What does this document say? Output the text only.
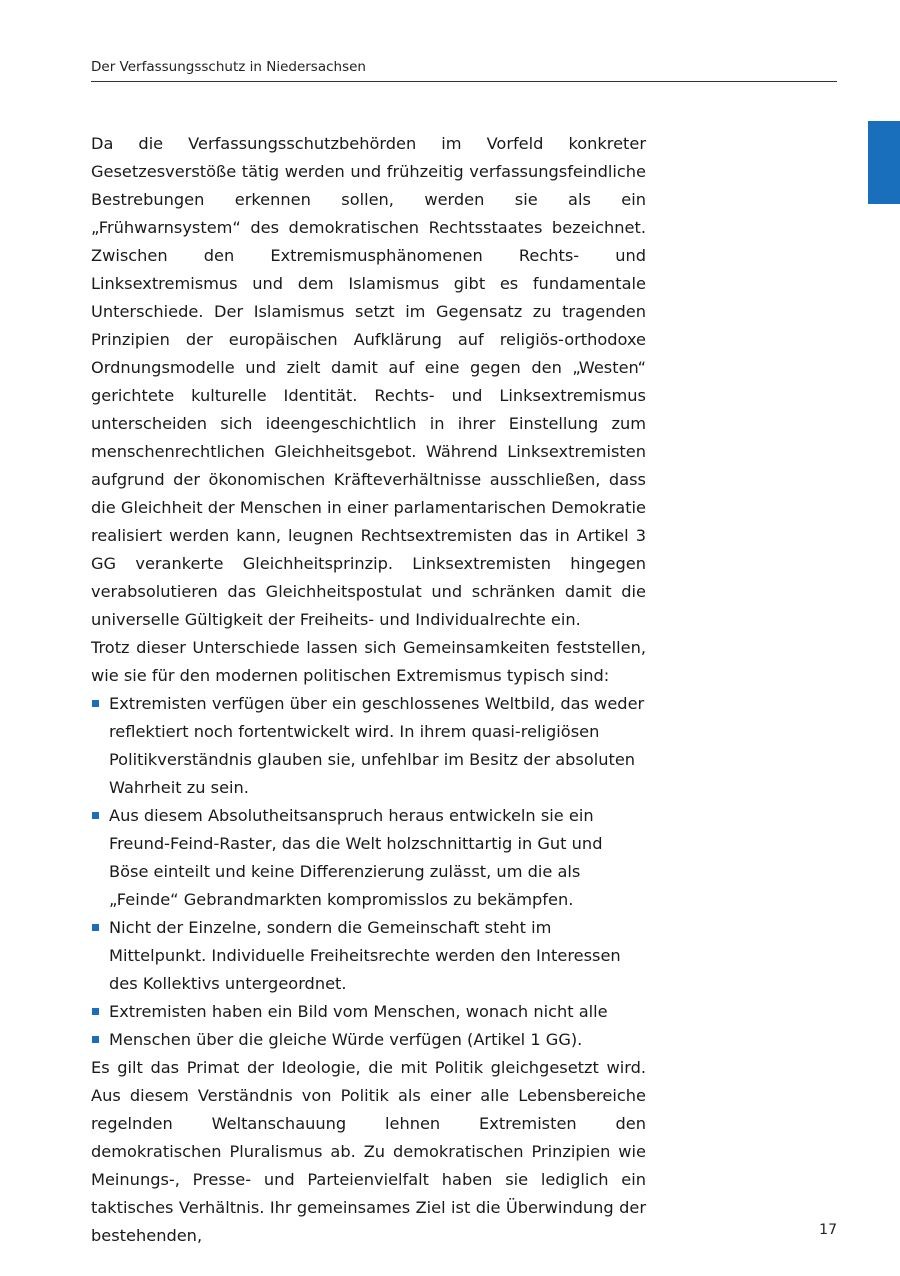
Der Verfassungsschutz in Niedersachsen

Da die Verfassungsschutzbehörden im Vorfeld konkreter Gesetzesverstöße tätig werden und frühzeitig verfassungsfeindliche Bestrebungen erkennen sollen, werden sie als ein „Frühwarnsystem“ des demokratischen Rechtsstaates bezeichnet. Zwischen den Extremismusphänomenen Rechts- und Linksextremismus und dem Islamismus gibt es fundamentale Unterschiede. Der Islamismus setzt im Gegensatz zu tragenden Prinzipien der europäischen Aufklärung auf religiös-orthodoxe Ordnungsmodelle und zielt damit auf eine gegen den „Westen“ gerichtete kulturelle Identität. Rechts- und Linksextremismus unterscheiden sich ideengeschichtlich in ihrer Einstellung zum menschenrechtlichen Gleichheitsgebot. Während Linksextremisten aufgrund der ökonomischen Kräfteverhältnisse ausschließen, dass die Gleichheit der Menschen in einer parlamentarischen Demokratie realisiert werden kann, leugnen Rechtsextremisten das in Artikel 3 GG verankerte Gleichheitsprinzip. Linksextremisten hingegen verabsolutieren das Gleichheitspostulat und schränken damit die universelle Gültigkeit der Freiheits- und Individualrechte ein.

Trotz dieser Unterschiede lassen sich Gemeinsamkeiten feststellen, wie sie für den modernen politischen Extremismus typisch sind:

Extremisten verfügen über ein geschlossenes Weltbild, das weder reflektiert noch fortentwickelt wird. In ihrem quasi-religiösen Politikverständnis glauben sie, unfehlbar im Besitz der absoluten Wahrheit zu sein.
Aus diesem Absolutheitsanspruch heraus entwickeln sie ein Freund-Feind-Raster, das die Welt holzschnittartig in Gut und Böse einteilt und keine Differenzierung zulässt, um die als „Feinde“ Gebrandmarkten kompromisslos zu bekämpfen.
Nicht der Einzelne, sondern die Gemeinschaft steht im Mittelpunkt. Individuelle Freiheitsrechte werden den Interessen des Kollektivs untergeordnet.
Extremisten haben ein Bild vom Menschen, wonach nicht alle
Menschen über die gleiche Würde verfügen (Artikel 1 GG).

Es gilt das Primat der Ideologie, die mit Politik gleichgesetzt wird. Aus diesem Verständnis von Politik als einer alle Lebensbereiche regelnden Weltanschauung lehnen Extremisten den demokratischen Pluralismus ab. Zu demokratischen Prinzipien wie Meinungs-, Presse- und Parteienvielfalt haben sie lediglich ein taktisches Verhältnis. Ihr gemeinsames Ziel ist die Überwindung der bestehenden,	17
